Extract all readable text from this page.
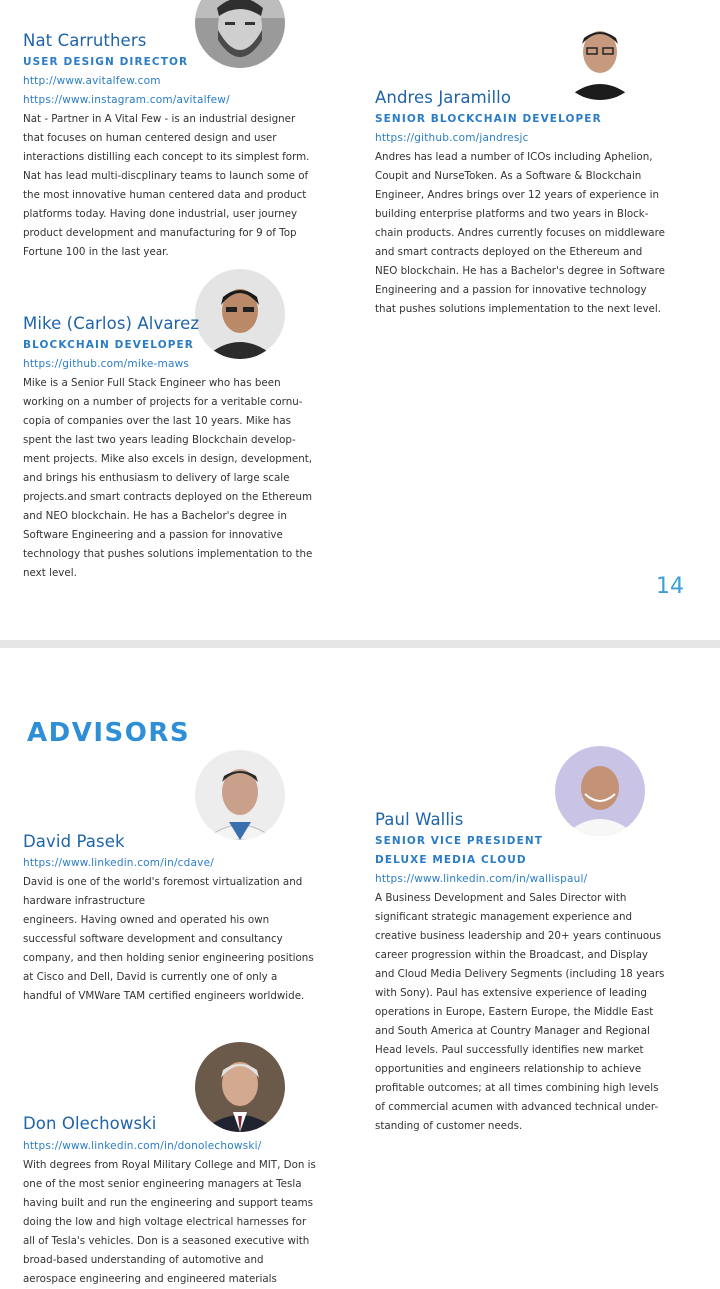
Nat Carruthers
USER DESIGN DIRECTOR
http://www.avitalfew.com
https://www.instagram.com/avitalfew/
Nat - Partner in A Vital Few - is an industrial designer
that focuses on human centered design and user
interactions distilling each concept to its simplest form.
Nat has lead multi-discplinary teams to launch some of
the most innovative human centered data and product
platforms today. Having done industrial, user journey
product development and manufacturing for 9 of Top
Fortune 100 in the last year.
Andres Jaramillo
SENIOR BLOCKCHAIN DEVELOPER
https://github.com/jandresjc
Andres has lead a number of ICOs including Aphelion,
Coupit and NurseToken. As a Software & Blockchain
Engineer, Andres brings over 12 years of experience in
building enterprise platforms and two years in Block-
chain products. Andres currently focuses on middleware
and smart contracts deployed on the Ethereum and
NEO blockchain. He has a Bachelor's degree in Software
Engineering and a passion for innovative technology
that pushes solutions implementation to the next level.
Mike (Carlos) Alvarez
BLOCKCHAIN DEVELOPER
https://github.com/mike-maws
Mike is a Senior Full Stack Engineer who has been
working on a number of projects for a veritable cornu-
copia of companies over the last 10 years. Mike has
spent the last two years leading Blockchain develop-
ment projects. Mike also excels in design, development,
and brings his enthusiasm to delivery of large scale
projects.and smart contracts deployed on the Ethereum
and NEO blockchain. He has a Bachelor's degree in
Software Engineering and a passion for innovative
technology that pushes solutions implementation to the
next level.
14
ADVISORS
David Pasek
https://www.linkedin.com/in/cdave/
David is one of the world's foremost virtualization and
hardware infrastructure
engineers. Having owned and operated his own
successful software development and consultancy
company, and then holding senior engineering positions
at Cisco and Dell, David is currently one of only a
handful of VMWare TAM certified engineers worldwide.
Paul Wallis
SENIOR VICE PRESIDENT
DELUXE MEDIA CLOUD
https://www.linkedin.com/in/wallispaul/
A Business Development and Sales Director with
significant strategic management experience and
creative business leadership and 20+ years continuous
career progression within the Broadcast, and Display
and Cloud Media Delivery Segments (including 18 years
with Sony). Paul has extensive experience of leading
operations in Europe, Eastern Europe, the Middle East
and South America at Country Manager and Regional
Head levels. Paul successfully identifies new market
opportunities and engineers relationship to achieve
profitable outcomes; at all times combining high levels
of commercial acumen with advanced technical under-
standing of customer needs.
Don Olechowski
https://www.linkedin.com/in/donolechowski/
With degrees from Royal Military College and MIT, Don is
one of the most senior engineering managers at Tesla
having built and run the engineering and support teams
doing the low and high voltage electrical harnesses for
all of Tesla's vehicles. Don is a seasoned executive with
broad-based understanding of automotive and
aerospace engineering and engineered materials
